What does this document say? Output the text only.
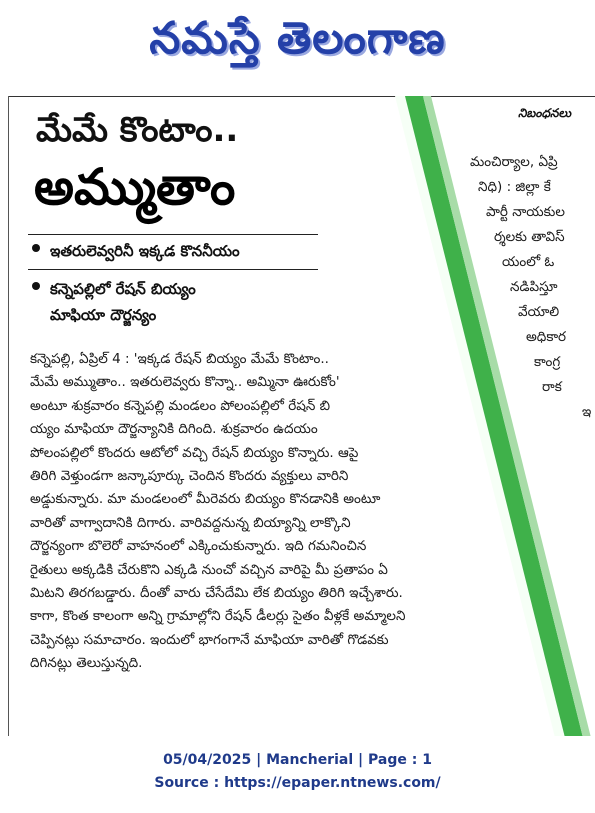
నమస్తే తెలంగాణ
మేమే కొంటాం..
అమ్ముతాం
ఇతరులెవ్వరినీ ఇక్కడ కొననీయం
కన్నెపల్లిలో రేషన్ బియ్యం
మాఫియా దౌర్జన్యం
కన్నెపల్లి, ఏప్రిల్ 4 : 'ఇక్కడ రేషన్ బియ్యం మేమే కొంటాం..
మేమే అమ్ముతాం.. ఇతరులెవ్వరు కొన్నా.. అమ్మినా ఊరుకోం'
అంటూ శుక్రవారం కన్నెపల్లి మండలం పోలంపల్లిలో రేషన్ బి
య్యం మాఫియా దౌర్జన్యానికి దిగింది. శుక్రవారం ఉదయం
పోలంపల్లిలో కొందరు ఆటోలో వచ్చి రేషన్ బియ్యం కొన్నారు. ఆపై
తిరిగి వెళ్తుండగా జన్కాపూర్కు చెందిన కొందరు వ్యక్తులు వారిని
అడ్డుకున్నారు. మా మండలంలో మీరెవరు బియ్యం కొనడానికి అంటూ
వారితో వాగ్వాదానికి దిగారు. వారివద్దనున్న బియ్యాన్ని లాక్కొని
దౌర్జన్యంగా బొలెరో వాహనంలో ఎక్కించుకున్నారు. ఇది గమనించిన
రైతులు అక్కడికి చేరుకొని ఎక్కడి నుంచో వచ్చిన వారిపై మీ ప్రతాపం ఏ
మిటని తిరగబడ్డారు. దీంతో వారు చేసేదేమి లేక బియ్యం తిరిగి ఇచ్చేశారు.
కాగా, కొంత కాలంగా అన్ని గ్రామాల్లోని రేషన్ డీలర్లు సైతం వీళ్లకే అమ్మాలని
చెప్పినట్లు సమాచారం. ఇందులో భాగంగానే మాఫియా వారితో గొడవకు
దిగినట్లు తెలుస్తున్నది.
నిబంధనలు
మంచిర్యాల, ఏప్రి
నిధి) : జిల్లా కే
పార్టీ నాయకుల
ర్శలకు తావిస్
యంలో ఓ
నడిపిస్తూ
వేయాలి
అధికార
కాంగ్ర
రాక
ఇ
05/04/2025 | Mancherial | Page : 1
Source : https://epaper.ntnews.com/
